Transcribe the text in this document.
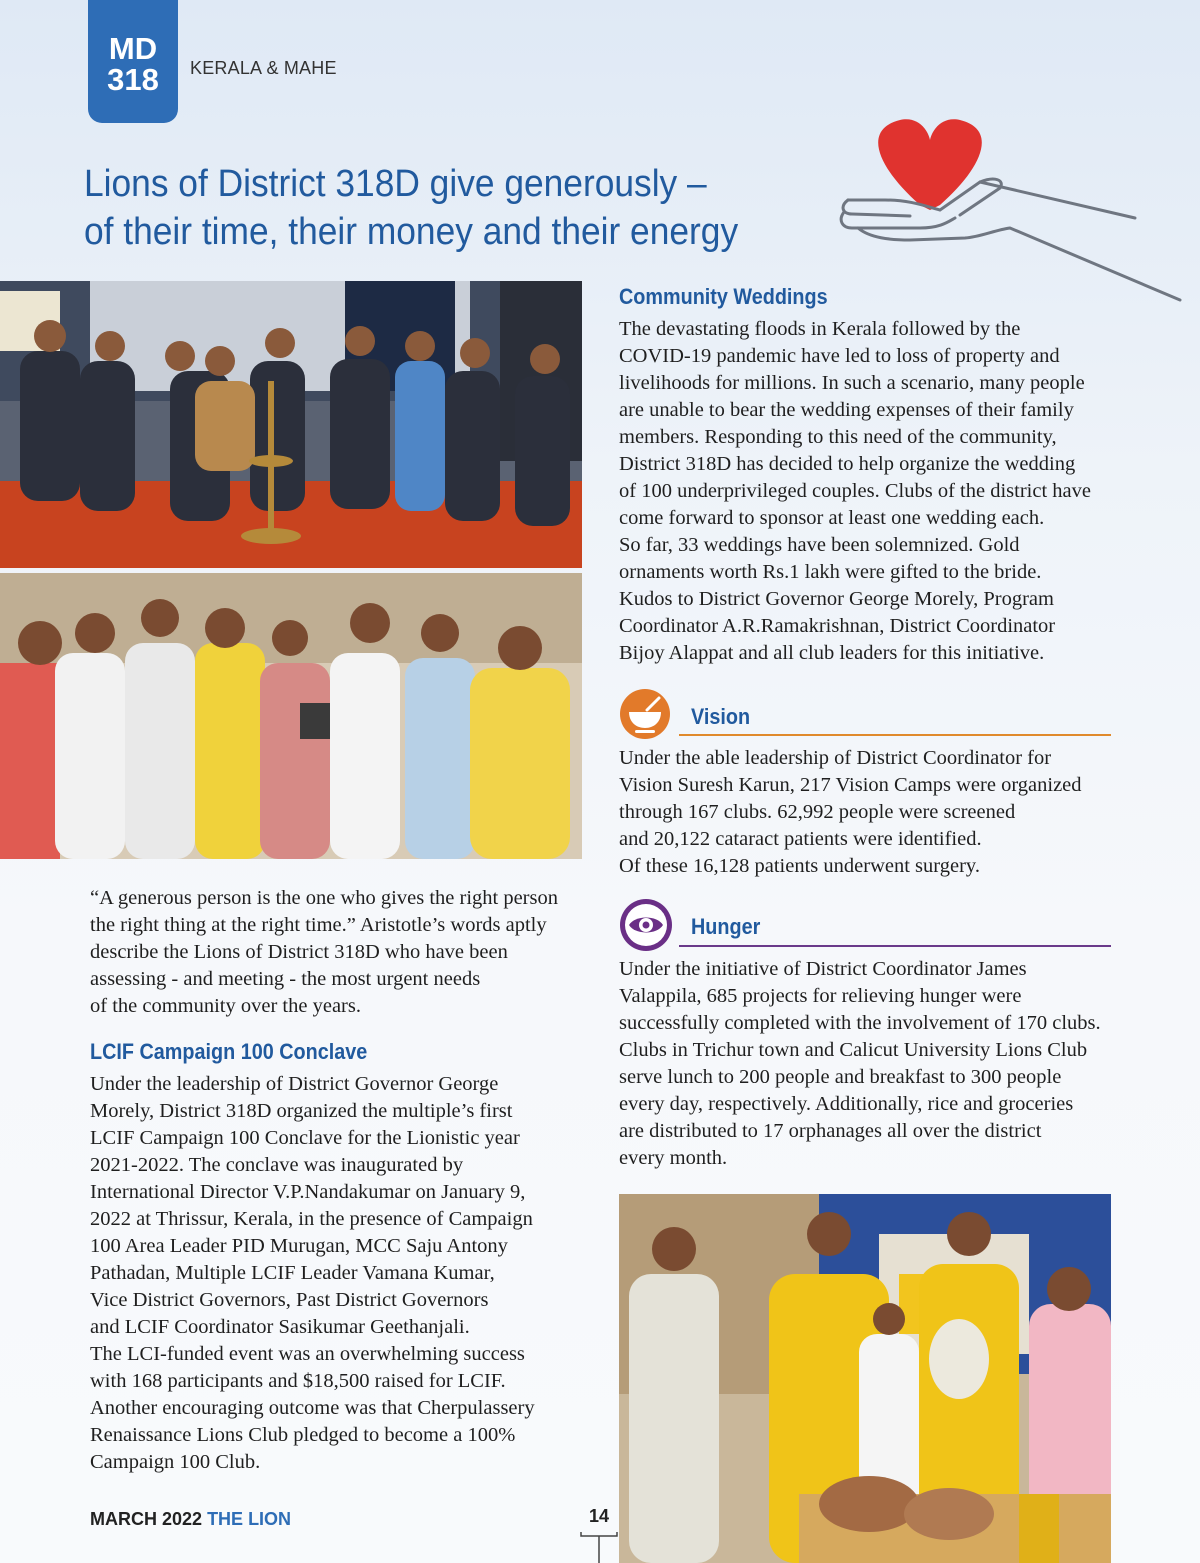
MD
318	KERALA & MAHE
Lions of District 318D give generously –
of their time, their money and their energy
“A generous person is the one who gives the right person
the right thing at the right time.” Aristotle’s words aptly
describe the Lions of District 318D who have been
assessing - and meeting - the most urgent needs
of the community over the years.
LCIF Campaign 100 Conclave
Under the leadership of District Governor George
Morely, District 318D organized the multiple’s first
LCIF Campaign 100 Conclave for the Lionistic year
2021-2022. The conclave was inaugurated by
International Director V.P.Nandakumar on January 9,
2022 at Thrissur, Kerala, in the presence of Campaign
100 Area Leader PID Murugan, MCC Saju Antony
Pathadan, Multiple LCIF Leader Vamana Kumar,
Vice District Governors, Past District Governors
and LCIF Coordinator Sasikumar Geethanjali.
The LCI-funded event was an overwhelming success
with 168 participants and $18,500 raised for LCIF.
Another encouraging outcome was that Cherpulassery
Renaissance Lions Club pledged to become a 100%
Campaign 100 Club.
Community Weddings
The devastating floods in Kerala followed by the
COVID-19 pandemic have led to loss of property and
livelihoods for millions. In such a scenario, many people
are unable to bear the wedding expenses of their family
members. Responding to this need of the community,
District 318D has decided to help organize the wedding
of 100 underprivileged couples. Clubs of the district have
come forward to sponsor at least one wedding each.
So far, 33 weddings have been solemnized. Gold
ornaments worth Rs.1 lakh were gifted to the bride.
Kudos to District Governor George Morely, Program
Coordinator A.R.Ramakrishnan, District Coordinator
Bijoy Alappat and all club leaders for this initiative.
Vision
Under the able leadership of District Coordinator for
Vision Suresh Karun, 217 Vision Camps were organized
through 167 clubs. 62,992 people were screened
and 20,122 cataract patients were identified.
Of these 16,128 patients underwent surgery.
Hunger
Under the initiative of District Coordinator James
Valappila, 685 projects for relieving hunger were
successfully completed with the involvement of 170 clubs.
Clubs in Trichur town and Calicut University Lions Club
serve lunch to 200 people and breakfast to 300 people
every day, respectively. Additionally, rice and groceries
are distributed to 17 orphanages all over the district
every month.
MARCH 2022 THE LION	14
